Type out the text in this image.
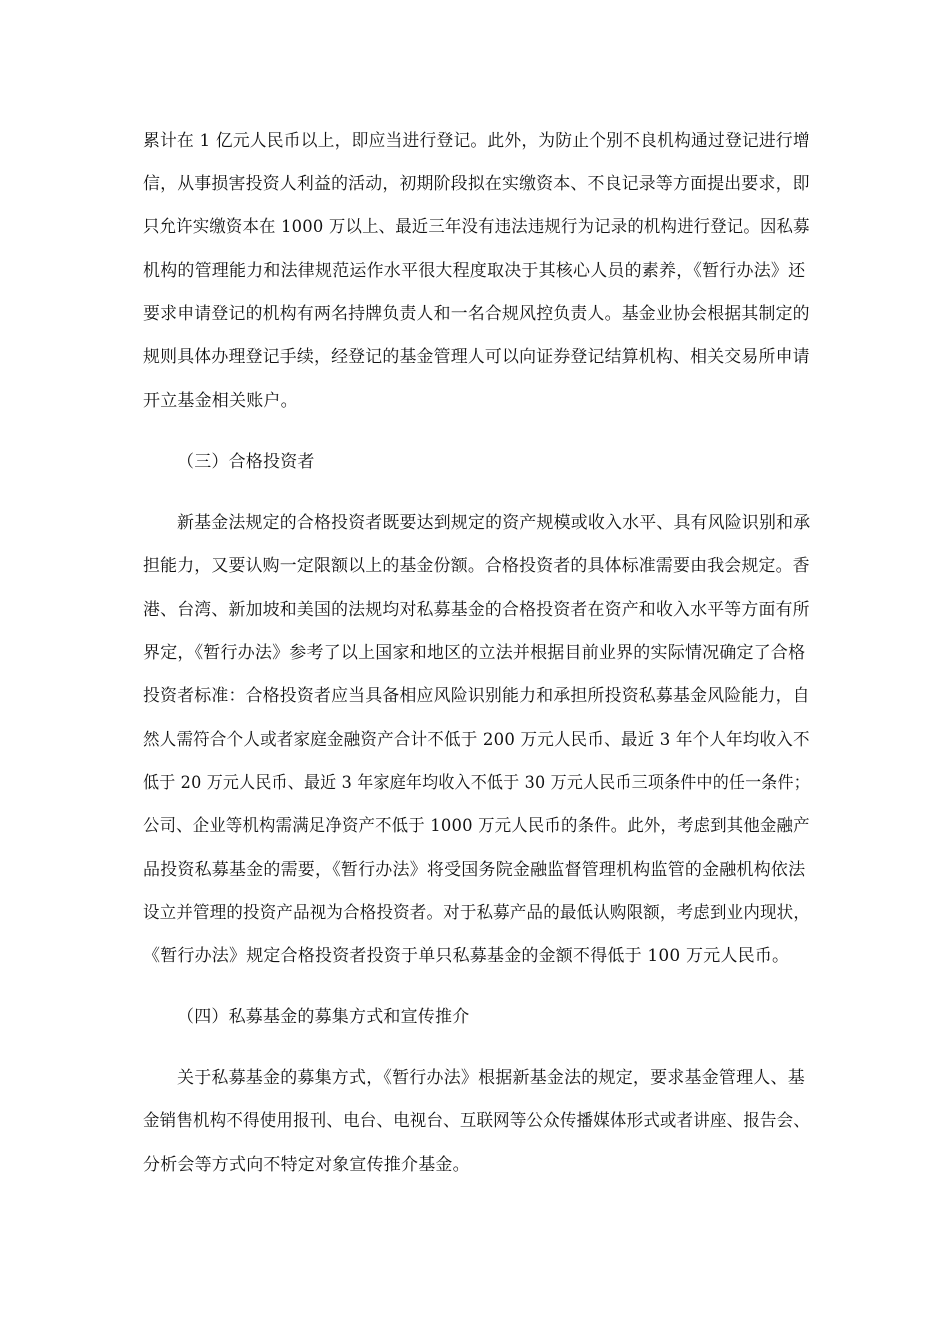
累计在 1 亿元人民币以上，即应当进行登记。此外，为防止个别不良机构通过登记进行增
信，从事损害投资人利益的活动，初期阶段拟在实缴资本、不良记录等方面提出要求，即
只允许实缴资本在 1000 万以上、最近三年没有违法违规行为记录的机构进行登记。因私募
机构的管理能力和法律规范运作水平很大程度取决于其核心人员的素养，《暂行办法》还
要求申请登记的机构有两名持牌负责人和一名合规风控负责人。基金业协会根据其制定的
规则具体办理登记手续，经登记的基金管理人可以向证券登记结算机构、相关交易所申请
开立基金相关账户。
（三）合格投资者
新基金法规定的合格投资者既要达到规定的资产规模或收入水平、具有风险识别和承
担能力，又要认购一定限额以上的基金份额。合格投资者的具体标准需要由我会规定。香
港、台湾、新加坡和美国的法规均对私募基金的合格投资者在资产和收入水平等方面有所
界定，《暂行办法》参考了以上国家和地区的立法并根据目前业界的实际情况确定了合格
投资者标准：合格投资者应当具备相应风险识别能力和承担所投资私募基金风险能力，自
然人需符合个人或者家庭金融资产合计不低于 200 万元人民币、最近 3 年个人年均收入不
低于 20 万元人民币、最近 3 年家庭年均收入不低于 30 万元人民币三项条件中的任一条件；
公司、企业等机构需满足净资产不低于 1000 万元人民币的条件。此外，考虑到其他金融产
品投资私募基金的需要，《暂行办法》将受国务院金融监督管理机构监管的金融机构依法
设立并管理的投资产品视为合格投资者。对于私募产品的最低认购限额，考虑到业内现状，
《暂行办法》规定合格投资者投资于单只私募基金的金额不得低于 100 万元人民币。
（四）私募基金的募集方式和宣传推介
关于私募基金的募集方式，《暂行办法》根据新基金法的规定，要求基金管理人、基
金销售机构不得使用报刊、电台、电视台、互联网等公众传播媒体形式或者讲座、报告会、
分析会等方式向不特定对象宣传推介基金。
